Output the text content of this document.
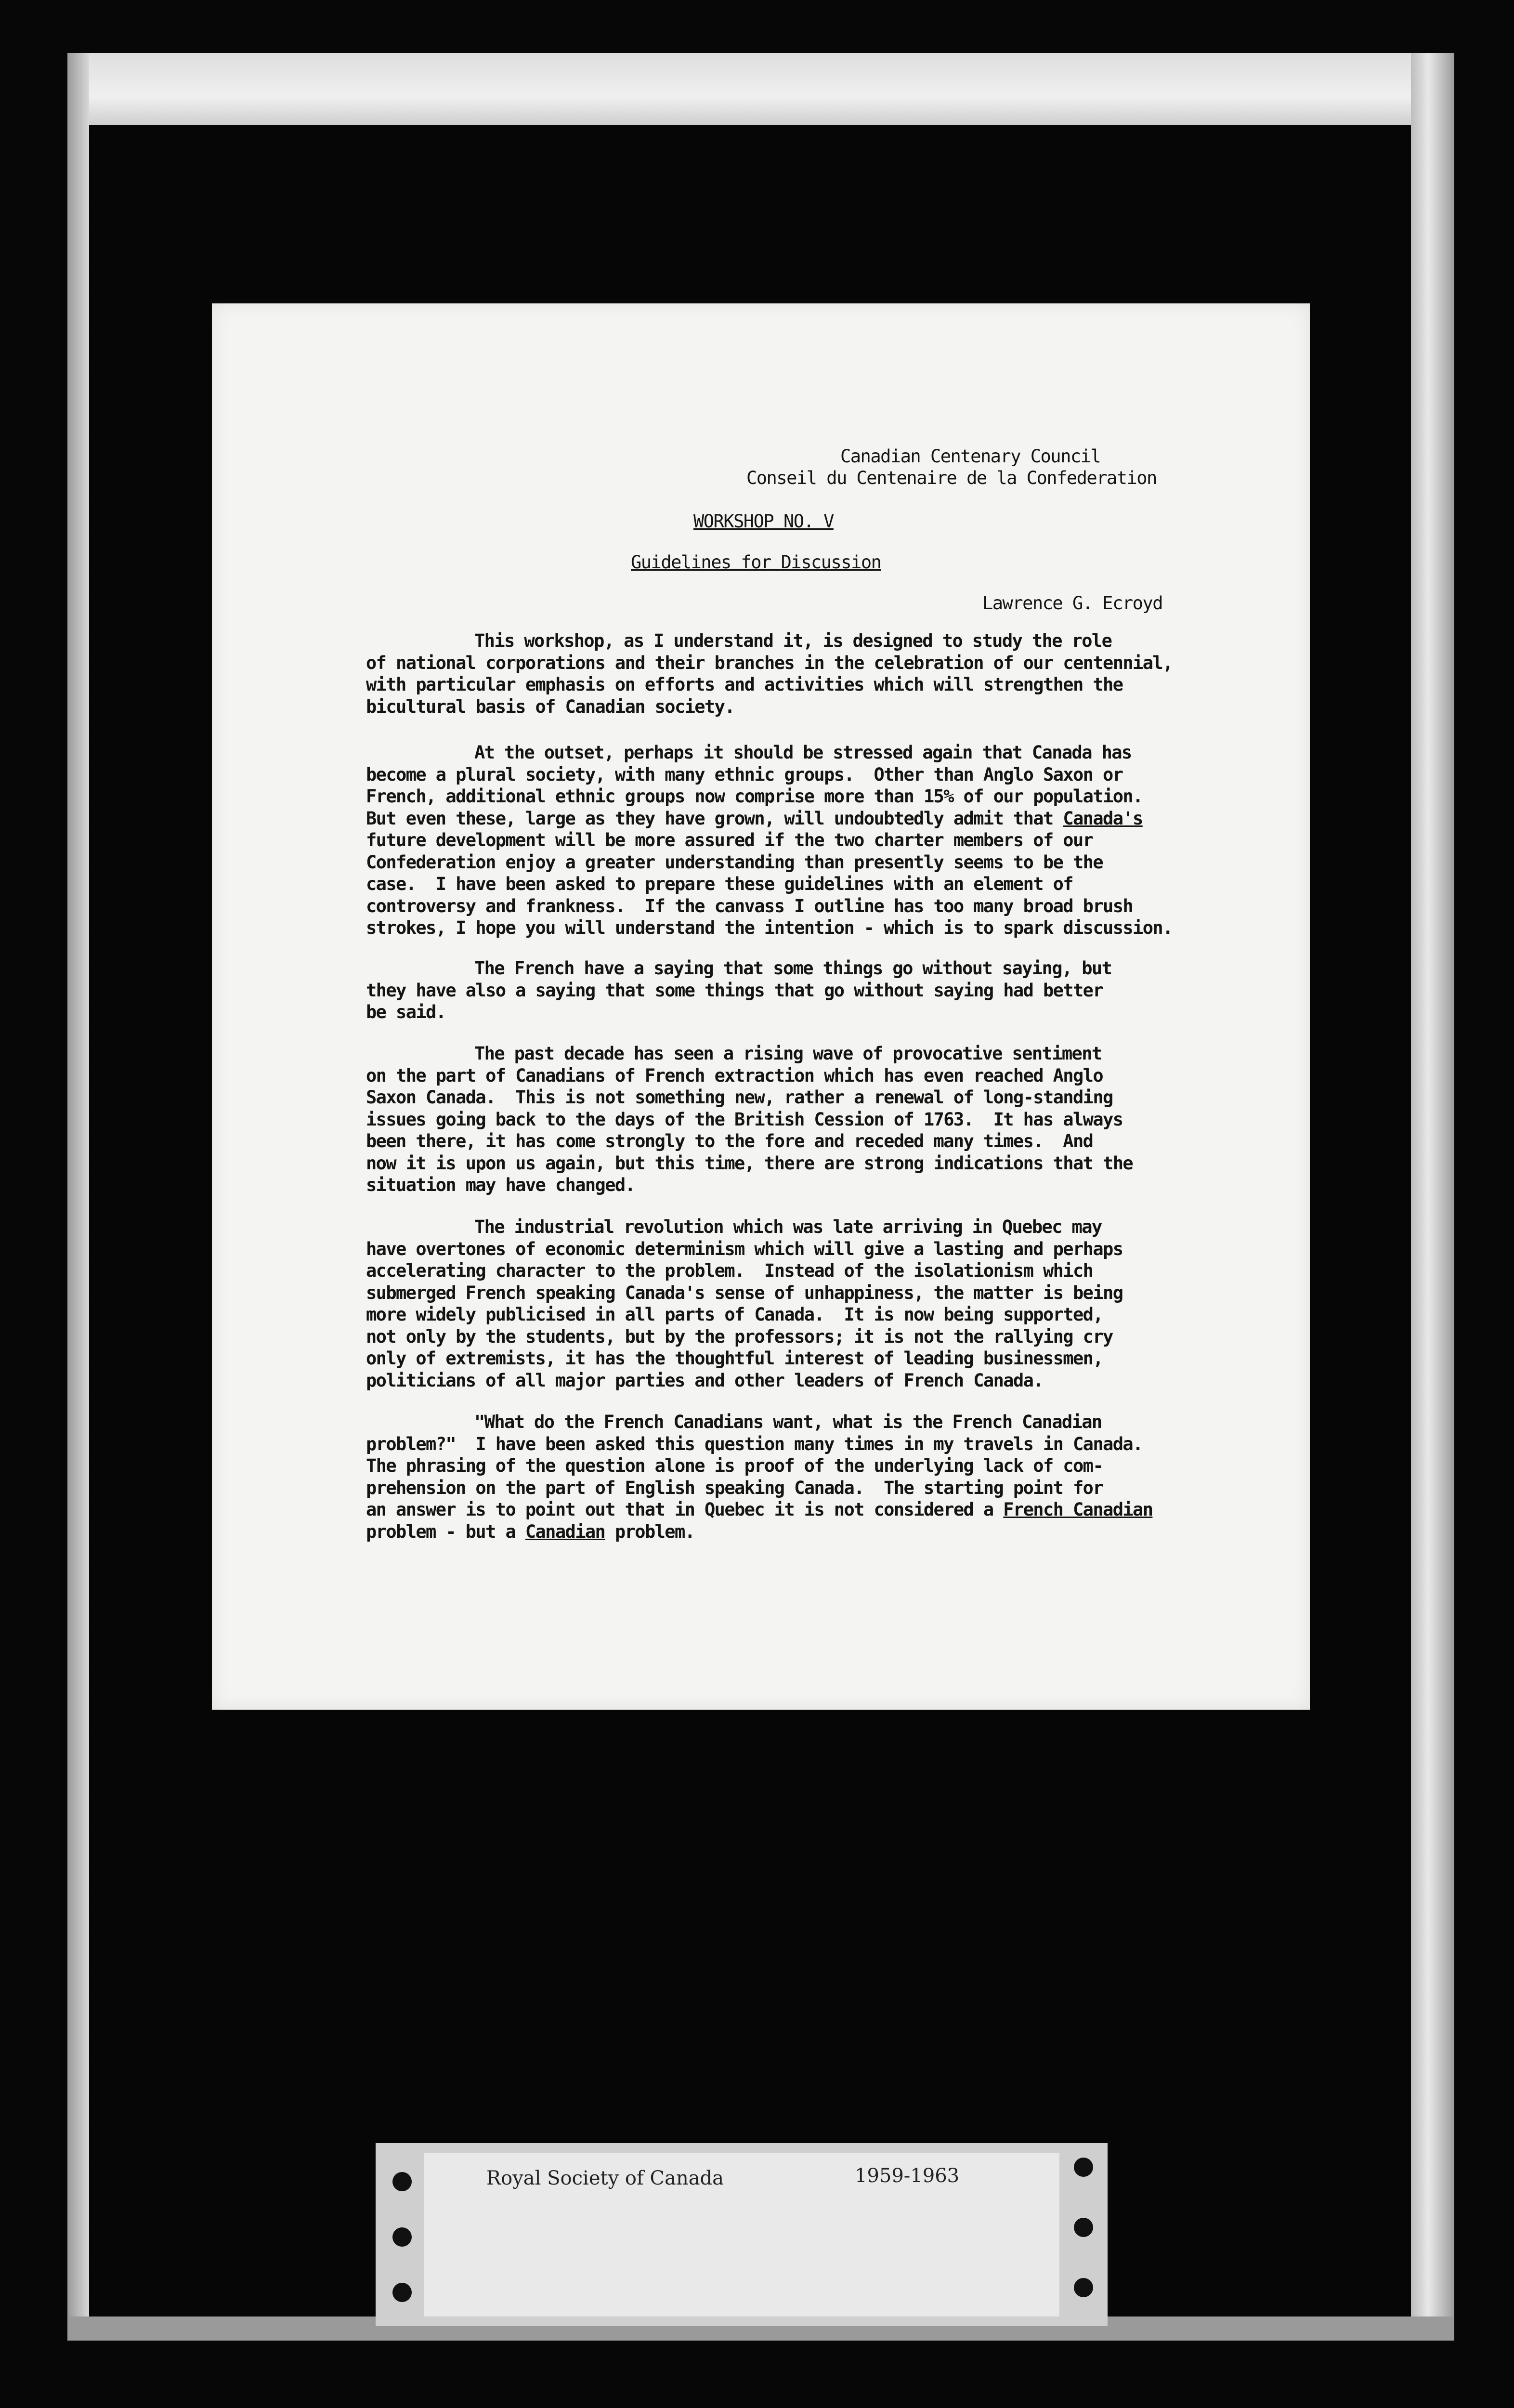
Canadian Centenary Council
Conseil du Centenaire de la Confederation
WORKSHOP NO. V
Guidelines for Discussion
Lawrence G. Ecroyd
This workshop, as I understand it, is designed to study the role
of national corporations and their branches in the celebration of our centennial,
with particular emphasis on efforts and activities which will strengthen the
bicultural basis of Canadian society.
At the outset, perhaps it should be stressed again that Canada has
become a plural society, with many ethnic groups.  Other than Anglo Saxon or
French, additional ethnic groups now comprise more than 15% of our population.
But even these, large as they have grown, will undoubtedly admit that Canada's
future development will be more assured if the two charter members of our
Confederation enjoy a greater understanding than presently seems to be the
case.  I have been asked to prepare these guidelines with an element of
controversy and frankness.  If the canvass I outline has too many broad brush
strokes, I hope you will understand the intention - which is to spark discussion.
The French have a saying that some things go without saying, but
they have also a saying that some things that go without saying had better
be said.
The past decade has seen a rising wave of provocative sentiment
on the part of Canadians of French extraction which has even reached Anglo
Saxon Canada.  This is not something new, rather a renewal of long-standing
issues going back to the days of the British Cession of 1763.  It has always
been there, it has come strongly to the fore and receded many times.  And
now it is upon us again, but this time, there are strong indications that the
situation may have changed.
The industrial revolution which was late arriving in Quebec may
have overtones of economic determinism which will give a lasting and perhaps
accelerating character to the problem.  Instead of the isolationism which
submerged French speaking Canada's sense of unhappiness, the matter is being
more widely publicised in all parts of Canada.  It is now being supported,
not only by the students, but by the professors; it is not the rallying cry
only of extremists, it has the thoughtful interest of leading businessmen,
politicians of all major parties and other leaders of French Canada.
"What do the French Canadians want, what is the French Canadian
problem?"  I have been asked this question many times in my travels in Canada.
The phrasing of the question alone is proof of the underlying lack of com-
prehension on the part of English speaking Canada.  The starting point for
an answer is to point out that in Quebec it is not considered a French Canadian
problem - but a Canadian problem.
Royal Society of Canada	1959-1963
